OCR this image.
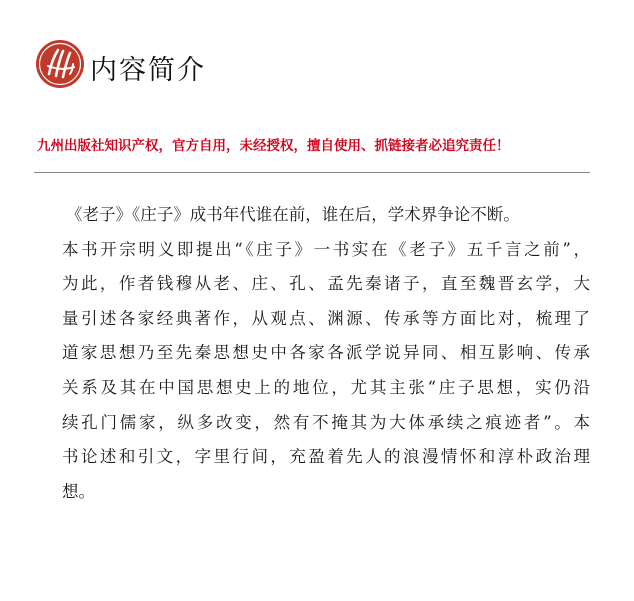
内容简介
九州出版社知识产权，官方自用，未经授权，擅自使用、抓链接者必追究责任！
《老子》《庄子》成书年代谁在前，谁在后，学术界争论不断。
本书开宗明义即提出“《庄子》一书实在《老子》五千言之前”，
为此，作者钱穆从老、庄、孔、孟先秦诸子，直至魏晋玄学，大
量引述各家经典著作，从观点、渊源、传承等方面比对，梳理了
道家思想乃至先秦思想史中各家各派学说异同、相互影响、传承
关系及其在中国思想史上的地位，尤其主张“庄子思想，实仍沿
续孔门儒家，纵多改变，然有不掩其为大体承续之痕迹者”。本
书论述和引文，字里行间，充盈着先人的浪漫情怀和淳朴政治理
想。
